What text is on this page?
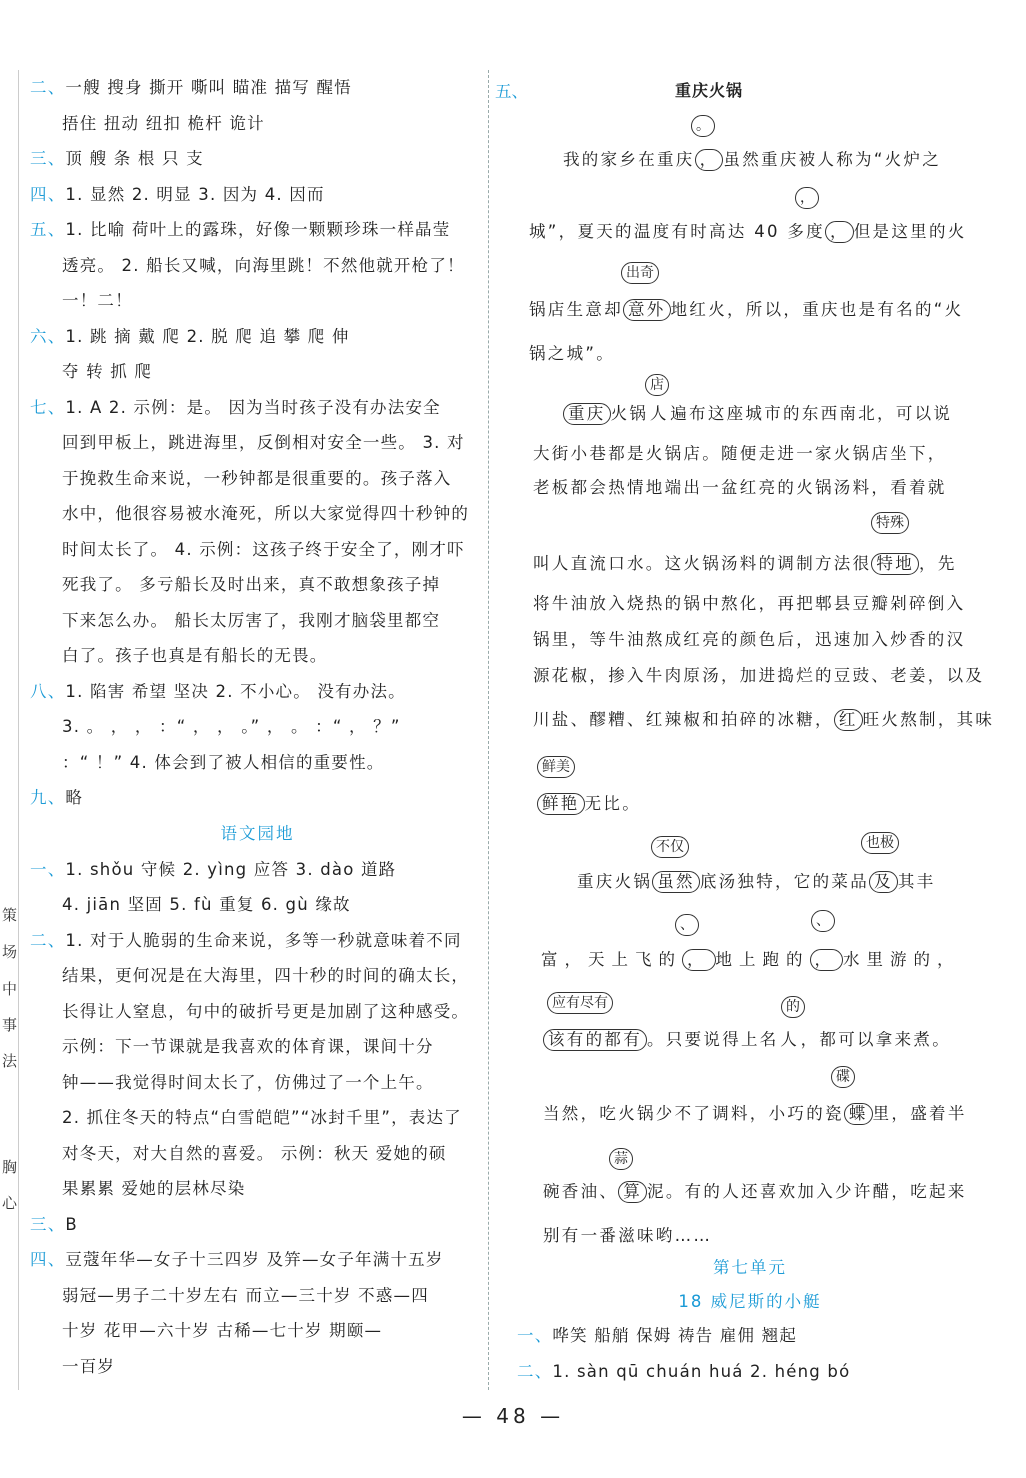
策
场
中
事
法
胸
心
二、一艘 搜身 撕开 嘶叫 瞄准 描写 醒悟
捂住 扭动 纽扣 桅杆 诡计
三、顶 艘 条 根 只 支
四、1. 显然 2. 明显 3. 因为 4. 因而
五、1. 比喻 荷叶上的露珠，好像一颗颗珍珠一样晶莹
透亮。 2. 船长又喊，向海里跳！不然他就开枪了！
一！二！
六、1. 跳 摘 戴 爬 2. 脱 爬 追 攀 爬 伸
夺 转 抓 爬
七、1. A 2. 示例：是。 因为当时孩子没有办法安全
回到甲板上，跳进海里，反倒相对安全一些。 3. 对
于挽救生命来说，一秒钟都是很重要的。孩子落入
水中，他很容易被水淹死，所以大家觉得四十秒钟的
时间太长了。 4. 示例：这孩子终于安全了，刚才吓
死我了。 多亏船长及时出来，真不敢想象孩子掉
下来怎么办。 船长太厉害了，我刚才脑袋里都空
白了。孩子也真是有船长的无畏。
八、1. 陷害 希望 坚决 2. 不小心。 没有办法。
3. 。 ， ， ：“ ， ， 。” ， 。 ：“ ， ？”
：“ ！” 4. 体会到了被人相信的重要性。
九、略
语文园地
一、1. shǒu 守候 2. yìng 应答 3. dào 道路
4. jiān 坚固 5. fù 重复 6. gù 缘故
二、1. 对于人脆弱的生命来说，多等一秒就意味着不同
结果，更何况是在大海里，四十秒的时间的确太长，
长得让人窒息，句中的破折号更是加剧了这种感受。
示例：下一节课就是我喜欢的体育课，课间十分
钟——我觉得时间太长了，仿佛过了一个上午。
2. 抓住冬天的特点“白雪皑皑”“冰封千里”，表达了
对冬天，对大自然的喜爱。 示例：秋天 爱她的硕
果累累 爱她的层林尽染
三、B
四、豆蔻年华—女子十三四岁 及笄—女子年满十五岁
弱冠—男子二十岁左右 而立—三十岁 不惑—四
十岁 花甲—六十岁 古稀—七十岁 期颐—
一百岁
五、	重庆火锅
。
我的家乡在重庆 ， 虽然重庆被人称为“火炉之
，
城”，夏天的温度有时高达 40 多度 ， 但是这里的火
出奇
锅店生意却 意外 地红火，所以，重庆也是有名的“火
锅之城”。
店
重庆 火锅人遍布这座城市的东西南北，可以说
大街小巷都是火锅店。随便走进一家火锅店坐下，
老板都会热情地端出一盆红亮的火锅汤料，看着就
特殊
叫人直流口水。这火锅汤料的调制方法很 特地 ，先
将牛油放入烧热的锅中熬化，再把郫县豆瓣剁碎倒入
锅里，等牛油熬成红亮的颜色后，迅速加入炒香的汉
源花椒，掺入牛肉原汤，加进捣烂的豆豉、老姜，以及
川盐、醪糟、红辣椒和拍碎的冰糖， 红 旺火熬制，其味
鲜美
鲜艳 无比。
不仅	也极
重庆火锅 虽然 底汤独特，它的菜品 及 其丰
、	、
富，天上飞的 ， 地上跑的 ， 水里游的，
应有尽有	的
该有的都有 。只要说得上名人，都可以拿来煮。
碟
当然，吃火锅少不了调料，小巧的瓷 蝶 里，盛着半
蒜
碗香油、 算 泥。有的人还喜欢加入少许醋，吃起来
别有一番滋味哟……
第七单元
18 威尼斯的小艇
一、哗笑 船艄 保姆 祷告 雇佣 翘起
二、1. sàn qū chuán huá 2. héng bó
— 48 —
